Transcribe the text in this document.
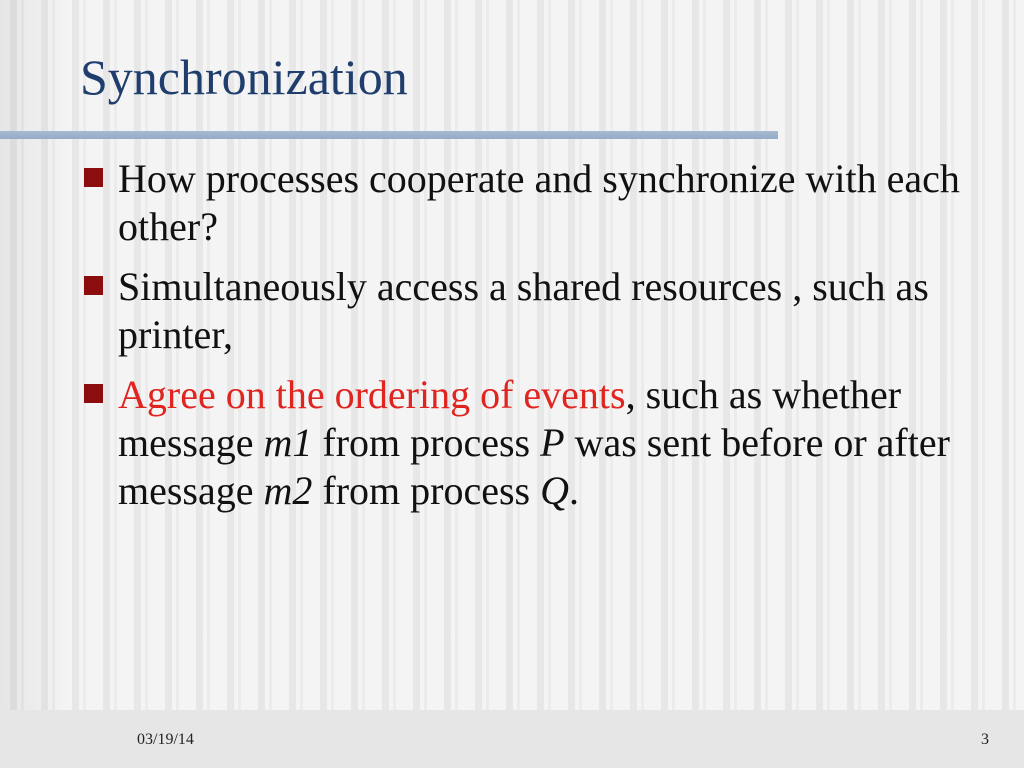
Synchronization
How processes cooperate and synchronize with each other?
Simultaneously access a shared resources , such as printer,
Agree on the ordering of events, such as whether message m1 from process P was sent before or after message m2 from process Q.
03/19/14	3
